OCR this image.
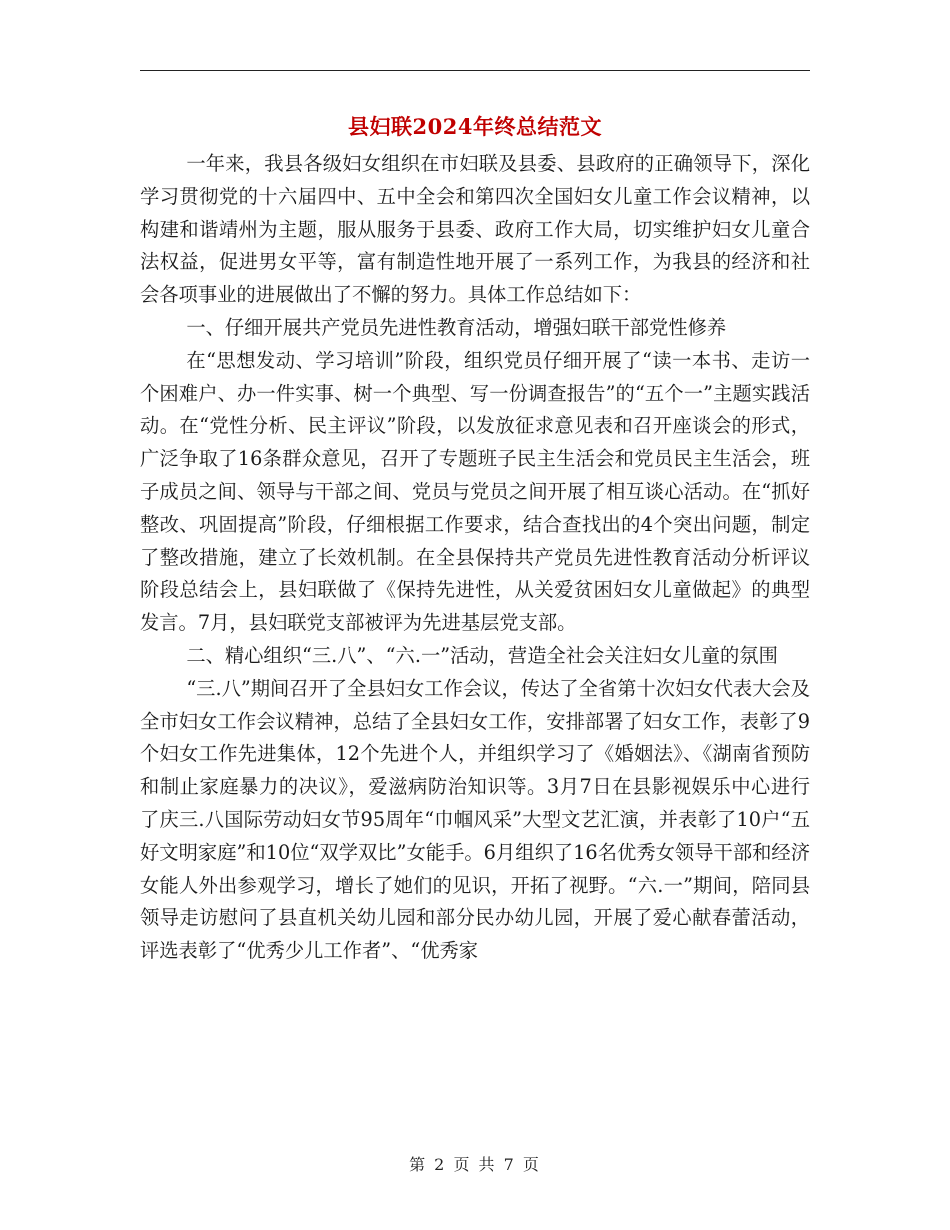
县妇联2024年终总结范文

一年来，我县各级妇女组织在市妇联及县委、县政府的正确领导下，深化学习贯彻党的十六届四中、五中全会和第四次全国妇女儿童工作会议精神，以构建和谐靖州为主题，服从服务于县委、政府工作大局，切实维护妇女儿童合法权益，促进男女平等，富有制造性地开展了一系列工作，为我县的经济和社会各项事业的进展做出了不懈的努力。具体工作总结如下：

一、仔细开展共产党员先进性教育活动，增强妇联干部党性修养

在“思想发动、学习培训”阶段，组织党员仔细开展了“读一本书、走访一个困难户、办一件实事、树一个典型、写一份调查报告”的“五个一”主题实践活动。在“党性分析、民主评议”阶段，以发放征求意见表和召开座谈会的形式，广泛争取了16条群众意见，召开了专题班子民主生活会和党员民主生活会，班子成员之间、领导与干部之间、党员与党员之间开展了相互谈心活动。在“抓好整改、巩固提高”阶段，仔细根据工作要求，结合查找出的4个突出问题，制定了整改措施，建立了长效机制。在全县保持共产党员先进性教育活动分析评议阶段总结会上，县妇联做了《保持先进性，从关爱贫困妇女儿童做起》的典型发言。7月，县妇联党支部被评为先进基层党支部。

二、精心组织“三.八”、“六.一”活动，营造全社会关注妇女儿童的氛围

“三.八”期间召开了全县妇女工作会议，传达了全省第十次妇女代表大会及全市妇女工作会议精神，总结了全县妇女工作，安排部署了妇女工作，表彰了9个妇女工作先进集体，12个先进个人，并组织学习了《婚姻法》、《湖南省预防和制止家庭暴力的决议》，爱滋病防治知识等。3月7日在县影视娱乐中心进行了庆三.八国际劳动妇女节95周年“巾帼风采”大型文艺汇演，并表彰了10户“五好文明家庭”和10位“双学双比”女能手。6月组织了16名优秀女领导干部和经济女能人外出参观学习，增长了她们的见识，开拓了视野。“六.一”期间，陪同县领导走访慰问了县直机关幼儿园和部分民办幼儿园，开展了爱心献春蕾活动，评选表彰了“优秀少儿工作者”、“优秀家

第 2 页 共 7 页
